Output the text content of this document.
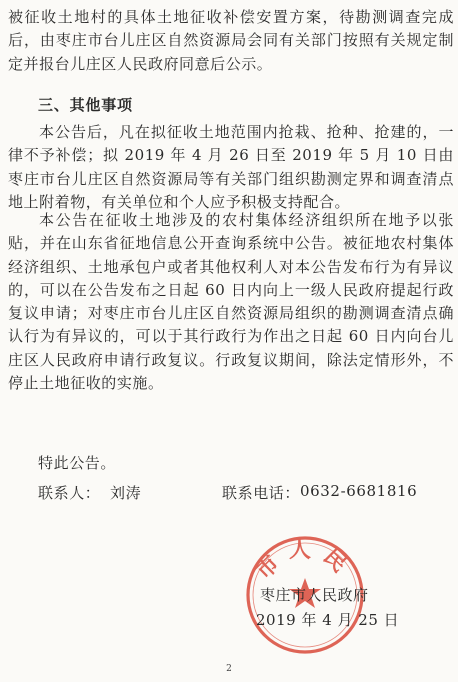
被征收土地村的具体土地征收补偿安置方案，待勘测调查完成后，由枣庄市台儿庄区自然资源局会同有关部门按照有关规定制定并报台儿庄区人民政府同意后公示。

三、其他事项

本公告后，凡在拟征收土地范围内抢栽、抢种、抢建的，一律不予补偿；拟 2019 年 4 月 26 日至 2019 年 5 月 10 日由枣庄市台儿庄区自然资源局等有关部门组织勘测定界和调查清点地上附着物，有关单位和个人应予积极支持配合。

本公告在征收土地涉及的农村集体经济组织所在地予以张贴，并在山东省征地信息公开查询系统中公告。被征地农村集体经济组织、土地承包户或者其他权利人对本公告发布行为有异议的，可以在公告发布之日起 60 日内向上一级人民政府提起行政复议申请；对枣庄市台儿庄区自然资源局组织的勘测调查清点确认行为有异议的，可以于其行政行为作出之日起 60 日内向台儿庄区人民政府申请行政复议。行政复议期间，除法定情形外，不停止土地征收的实施。

特此公告。

联系人： 刘涛	联系电话： 0632-6681816
市人民
枣庄市人民政府
2019 年 4 月 25 日
2
